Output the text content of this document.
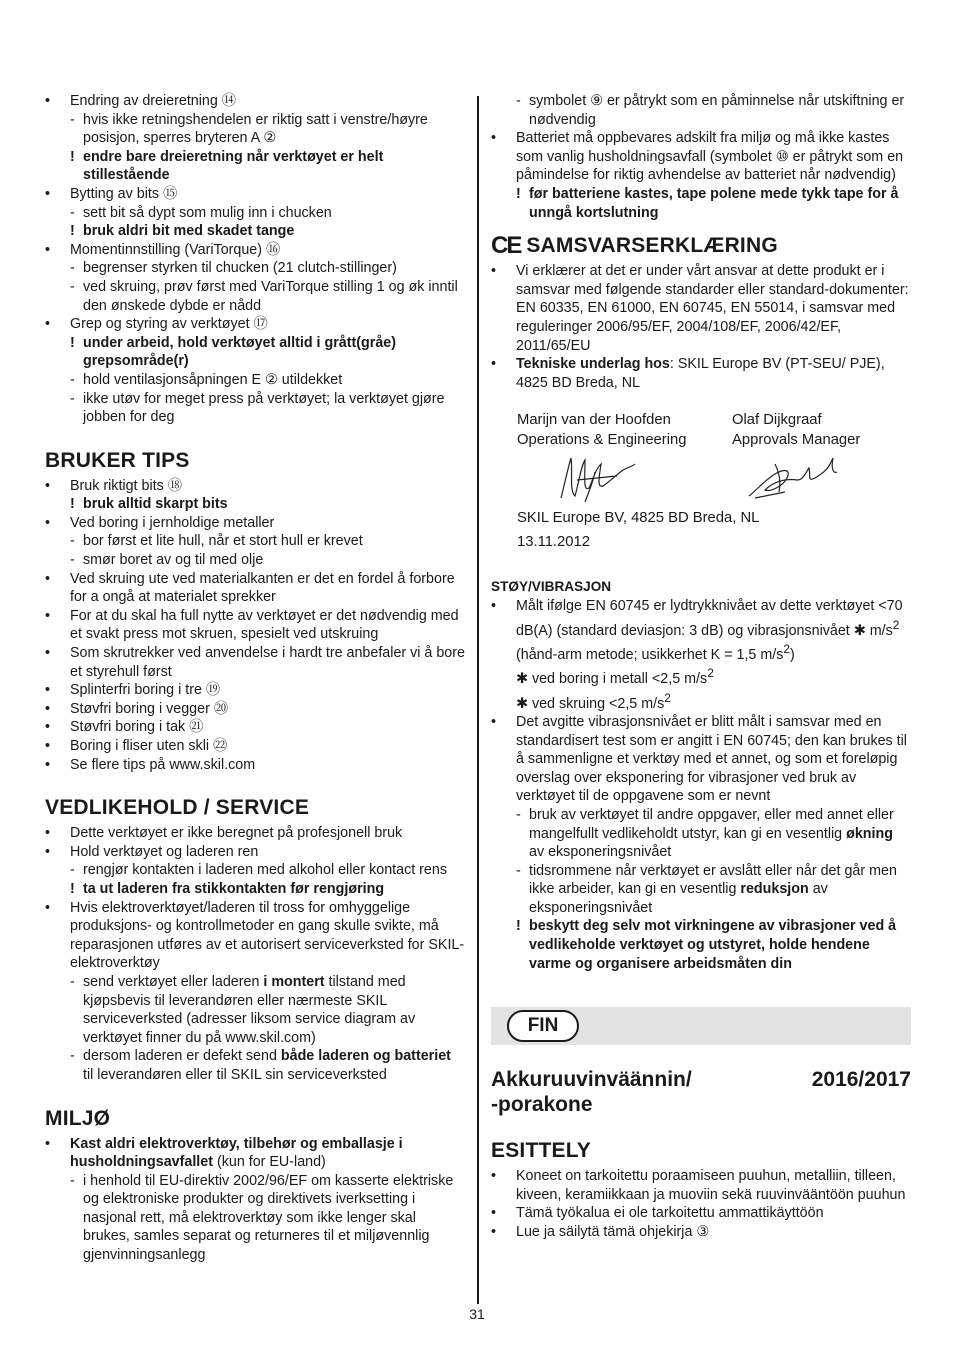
• Endring av dreieretning ⑭
- hvis ikke retningshendelen er riktig satt i venstre/høyre posisjon, sperres bryteren A ②
! endre bare dreieretning når verktøyet er helt stillestående
• Bytting av bits ⑮
- sett bit så dypt som mulig inn i chucken
! bruk aldri bit med skadet tange
• Momentinnstilling (VariTorque) ⑯
- begrenser styrken til chucken (21 clutch-stillinger)
- ved skruing, prøv først med VariTorque stilling 1 og øk inntil den ønskede dybde er nådd
• Grep og styring av verktøyet ⑰
! under arbeid, hold verktøyet alltid i grått(gråe) grepsområde(r)
- hold ventilasjonsåpningen E ② utildekket
- ikke utøv for meget press på verktøyet; la verktøyet gjøre jobben for deg
BRUKER TIPS
• Bruk riktigt bits ⑱
! bruk alltid skarpt bits
• Ved boring i jernholdige metaller
- bor først et lite hull, når et stort hull er krevet
- smør boret av og til med olje
• Ved skruing ute ved materialkanten er det en fordel å forbore for a ongå at materialet sprekker
• For at du skal ha full nytte av verktøyet er det nødvendig med et svakt press mot skruen, spesielt ved utskruing
• Som skrutrekker ved anvendelse i hardt tre anbefaler vi å bore et styrehull først
• Splinterfri boring i tre ⑲
• Støvfri boring i vegger ⑳
• Støvfri boring i tak ㉑
• Boring i fliser uten skli ㉒
• Se flere tips på www.skil.com
VEDLIKEHOLD / SERVICE
• Dette verktøyet er ikke beregnet på profesjonell bruk
• Hold verktøyet og laderen ren
- rengjør kontakten i laderen med alkohol eller kontact rens
! ta ut laderen fra stikkontakten før rengjøring
• Hvis elektroverktøyet/laderen til tross for omhyggelige produksjons- og kontrollmetoder en gang skulle svikte, må reparasjonen utføres av et autorisert serviceverksted for SKIL-elektroverktøy
- send verktøyet eller laderen i montert tilstand med kjøpsbevis til leverandøren eller nærmeste SKIL serviceverksted (adresser liksom service diagram av verktøyet finner du på www.skil.com)
- dersom laderen er defekt send både laderen og batteriet til leverandøren eller til SKIL sin serviceverksted
MILJØ
• Kast aldri elektroverktøy, tilbehør og emballasje i husholdningsavfallet (kun for EU-land)
- i henhold til EU-direktiv 2002/96/EF om kasserte elektriske og elektroniske produkter og direktivets iverksetting i nasjonal rett, må elektroverktøy som ikke lenger skal brukes, samles separat og returneres til et miljøvennlig gjenvinningsanlegg
- symbolet ⑨ er påtrykt som en påminnelse når utskiftning er nødvendig
• Batteriet må oppbevares adskilt fra miljø og må ikke kastes som vanlig husholdningsavfall (symbolet ⑩ er påtrykt som en påmindelse for riktig avhendelse av batteriet når nødvendig)
! før batteriene kastes, tape polene mede tykk tape for å unngå kortslutning
CE SAMSVARSERKLÆRING
• Vi erklærer at det er under vårt ansvar at dette produkt er i samsvar med følgende standarder eller standard-dokumenter: EN 60335, EN 61000, EN 60745, EN 55014, i samsvar med reguleringer 2006/95/EF, 2004/108/EF, 2006/42/EF, 2011/65/EU
• Tekniske underlag hos: SKIL Europe BV (PT-SEU/ PJE), 4825 BD Breda, NL
Marijn van der Hoofden
Operations & Engineering
Olaf Dijkgraaf
Approvals Manager
SKIL Europe BV, 4825 BD Breda, NL
13.11.2012
STØY/VIBRASJON
• Målt ifølge EN 60745 er lydtrykknivået av dette verktøyet <70 dB(A) (standard deviasjon: 3 dB) og vibrasjonsnivået ✱ $m/s^2$ (hånd-arm metode; usikkerhet K = 1,5 $m/s^2$)
✱ ved boring i metall <2,5 $m/s^2$
✱ ved skruing <2,5 $m/s^2$
• Det avgitte vibrasjonsnivået er blitt målt i samsvar med en standardisert test som er angitt i EN 60745; den kan brukes til å sammenligne et verktøy med et annet, og som et foreløpig overslag over eksponering for vibrasjoner ved bruk av verktøyet til de oppgavene som er nevnt
- bruk av verktøyet til andre oppgaver, eller med annet eller mangelfullt vedlikeholdt utstyr, kan gi en vesentlig økning av eksponeringsnivået
- tidsrommene når verktøyet er avslått eller når det går men ikke arbeider, kan gi en vesentlig reduksjon av eksponeringsnivået
! beskytt deg selv mot virkningene av vibrasjoner ved å vedlikeholde verktøyet og utstyret, holde hendene varme og organisere arbeidsmåten din
FIN
Akkuruuvinväännin/
-porakone
2016/2017
ESITTELY
• Koneet on tarkoitettu poraamiseen puuhun, metalliin, tilleen, kiveen, keramiikkaan ja muoviin sekä ruuvinvääntöön puuhun
• Tämä työkalua ei ole tarkoitettu ammattikäyttöön
• Lue ja säilytä tämä ohjekirja ③
31
